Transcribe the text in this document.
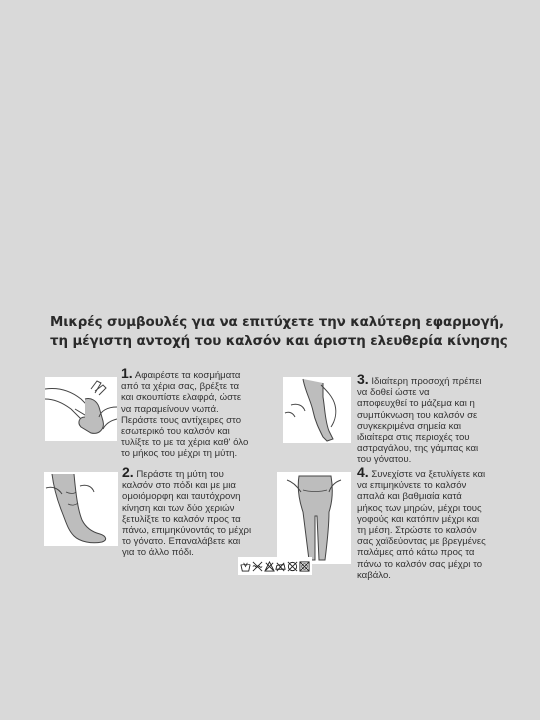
Μικρές συμβουλές για να επιτύχετε την καλύτερη εφαρμογή,
τη μέγιστη αντοχή του καλσόν και άριστη ελευθερία κίνησης
1. Αφαιρέστε τα κοσμήματα
από τα χέρια σας, βρέξτε τα
και σκουπίστε ελαφρά, ώστε
να παραμείνουν νωπά.
Περάστε τους αντίχειρες στο
εσωτερικό του καλσόν και
τυλίξτε το με τα χέρια καθ' όλο
το μήκος του μέχρι τη μύτη.
2. Περάστε τη μύτη του
καλσόν στο πόδι και με μια
ομοιόμορφη και ταυτόχρονη
κίνηση και των δύο χεριών
ξετυλίξτε το καλσόν προς τα
πάνω, επιμηκύνοντάς το μέχρι
το γόνατο. Επαναλάβετε και
για το άλλο πόδι.
3. Ιδιαίτερη προσοχή πρέπει
να δοθεί ώστε να
αποφευχθεί το μάζεμα και η
συμπύκνωση του καλσόν σε
συγκεκριμένα σημεία και
ιδιαίτερα στις περιοχές του
αστραγάλου, της γάμπας και
του γόνατου.
4. Συνεχίστε να ξετυλίγετε και
να επιμηκύνετε το καλσόν
απαλά και βαθμιαία κατά
μήκος των μηρών, μέχρι τους
γοφούς και κατόπιν μέχρι και
τη μέση. Στρώστε το καλσόν
σας χαϊδεύοντας με βρεγμένες
παλάμες από κάτω προς τα
πάνω το καλσόν σας μέχρι το
καβάλο.
